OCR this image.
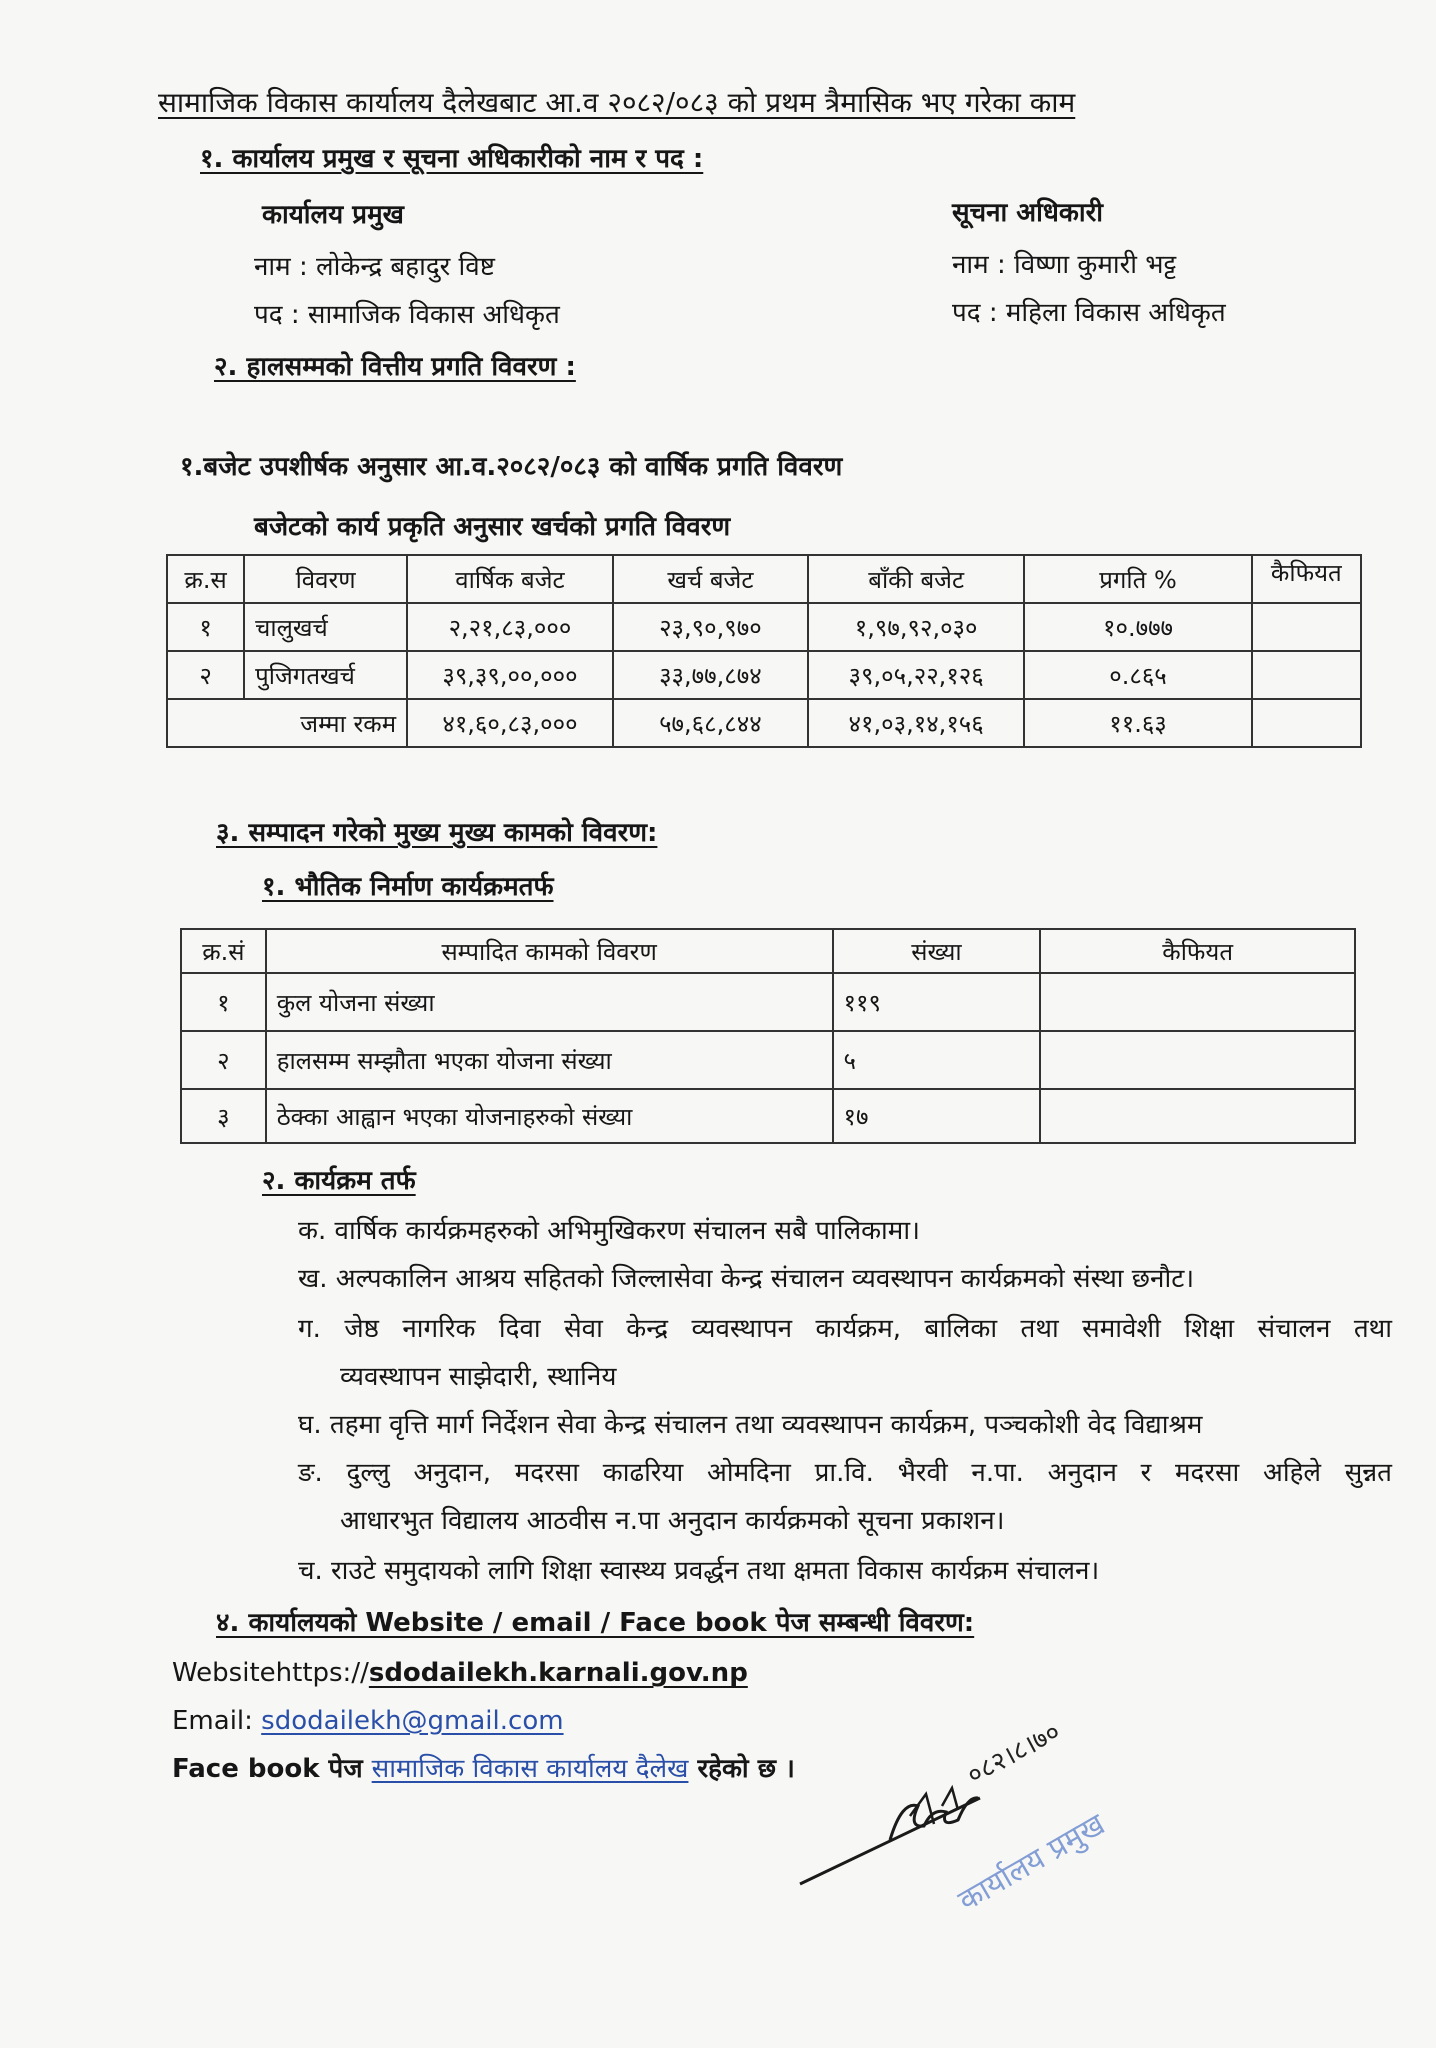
सामाजिक विकास कार्यालय दैलेखबाट आ.व २०८२/०८३ को प्रथम त्रैमासिक भए गरेका काम
१. कार्यालय प्रमुख र सूचना अधिकारीको नाम र पद :
कार्यालय प्रमुख
नाम : लोकेन्द्र बहादुर विष्ट
पद : सामाजिक विकास अधिकृत
सूचना अधिकारी
नाम : विष्णा कुमारी भट्ट
पद : महिला विकास अधिकृत
२. हालसम्मको वित्तीय प्रगति विवरण :
१.बजेट उपशीर्षक अनुसार आ.व.२०८२/०८३ को वार्षिक प्रगति विवरण
बजेटको कार्य प्रकृति अनुसार खर्चको प्रगति विवरण
क्र.स	विवरण	वार्षिक बजेट	खर्च बजेट	बाँकी बजेट	प्रगति %	कैफियत
१	चालुखर्च	२,२१,८३,०००	२३,९०,९७०	१,९७,९२,०३०	१०.७७७	
२	पुजिगतखर्च	३९,३९,००,०००	३३,७७,८७४	३९,०५,२२,१२६	०.८६५	
जम्मा रकम		४१,६०,८३,०००	५७,६८,८४४	४१,०३,१४,१५६	११.६३	
३. सम्पादन गरेको मुख्य मुख्य कामको विवरण:
१. भौतिक निर्माण कार्यक्रमतर्फ
क्र.सं	सम्पादित कामको विवरण	संख्या	कैफियत
१	कुल योजना संख्या	११९	
२	हालसम्म सम्झौता भएका योजना संख्या	५	
३	ठेक्का आह्वान भएका योजनाहरुको संख्या	१७	
२. कार्यक्रम तर्फ
क. वार्षिक कार्यक्रमहरुको अभिमुखिकरण संचालन सबै पालिकामा।
ख. अल्पकालिन आश्रय सहितको जिल्लासेवा केन्द्र संचालन व्यवस्थापन कार्यक्रमको संस्था छनौट।
ग. जेष्ठ नागरिक दिवा सेवा केन्द्र व्यवस्थापन कार्यक्रम, बालिका तथा समावेशी शिक्षा संचालन तथा
व्यवस्थापन साझेदारी, स्थानिय
घ. तहमा वृत्ति मार्ग निर्देशन सेवा केन्द्र संचालन तथा व्यवस्थापन कार्यक्रम, पञ्चकोशी वेद विद्याश्रम
ङ. दुल्लु अनुदान, मदरसा काढरिया ओमदिना प्रा.वि. भैरवी न.पा. अनुदान र मदरसा अहिले सुन्नत
आधारभुत विद्यालय आठवीस न.पा अनुदान कार्यक्रमको सूचना प्रकाशन।
च. राउटे समुदायको लागि शिक्षा स्वास्थ्य प्रवर्द्धन तथा क्षमता विकास कार्यक्रम संचालन।
४. कार्यालयको Website / email / Face book पेज सम्बन्धी विवरण:
Websitehttps://sdodailekh.karnali.gov.np
Email: sdodailekh@gmail.com
Face book पेज सामाजिक विकास कार्यालय दैलेख रहेको छ ।	०८२।८।७०
कार्यालय प्रमुख
